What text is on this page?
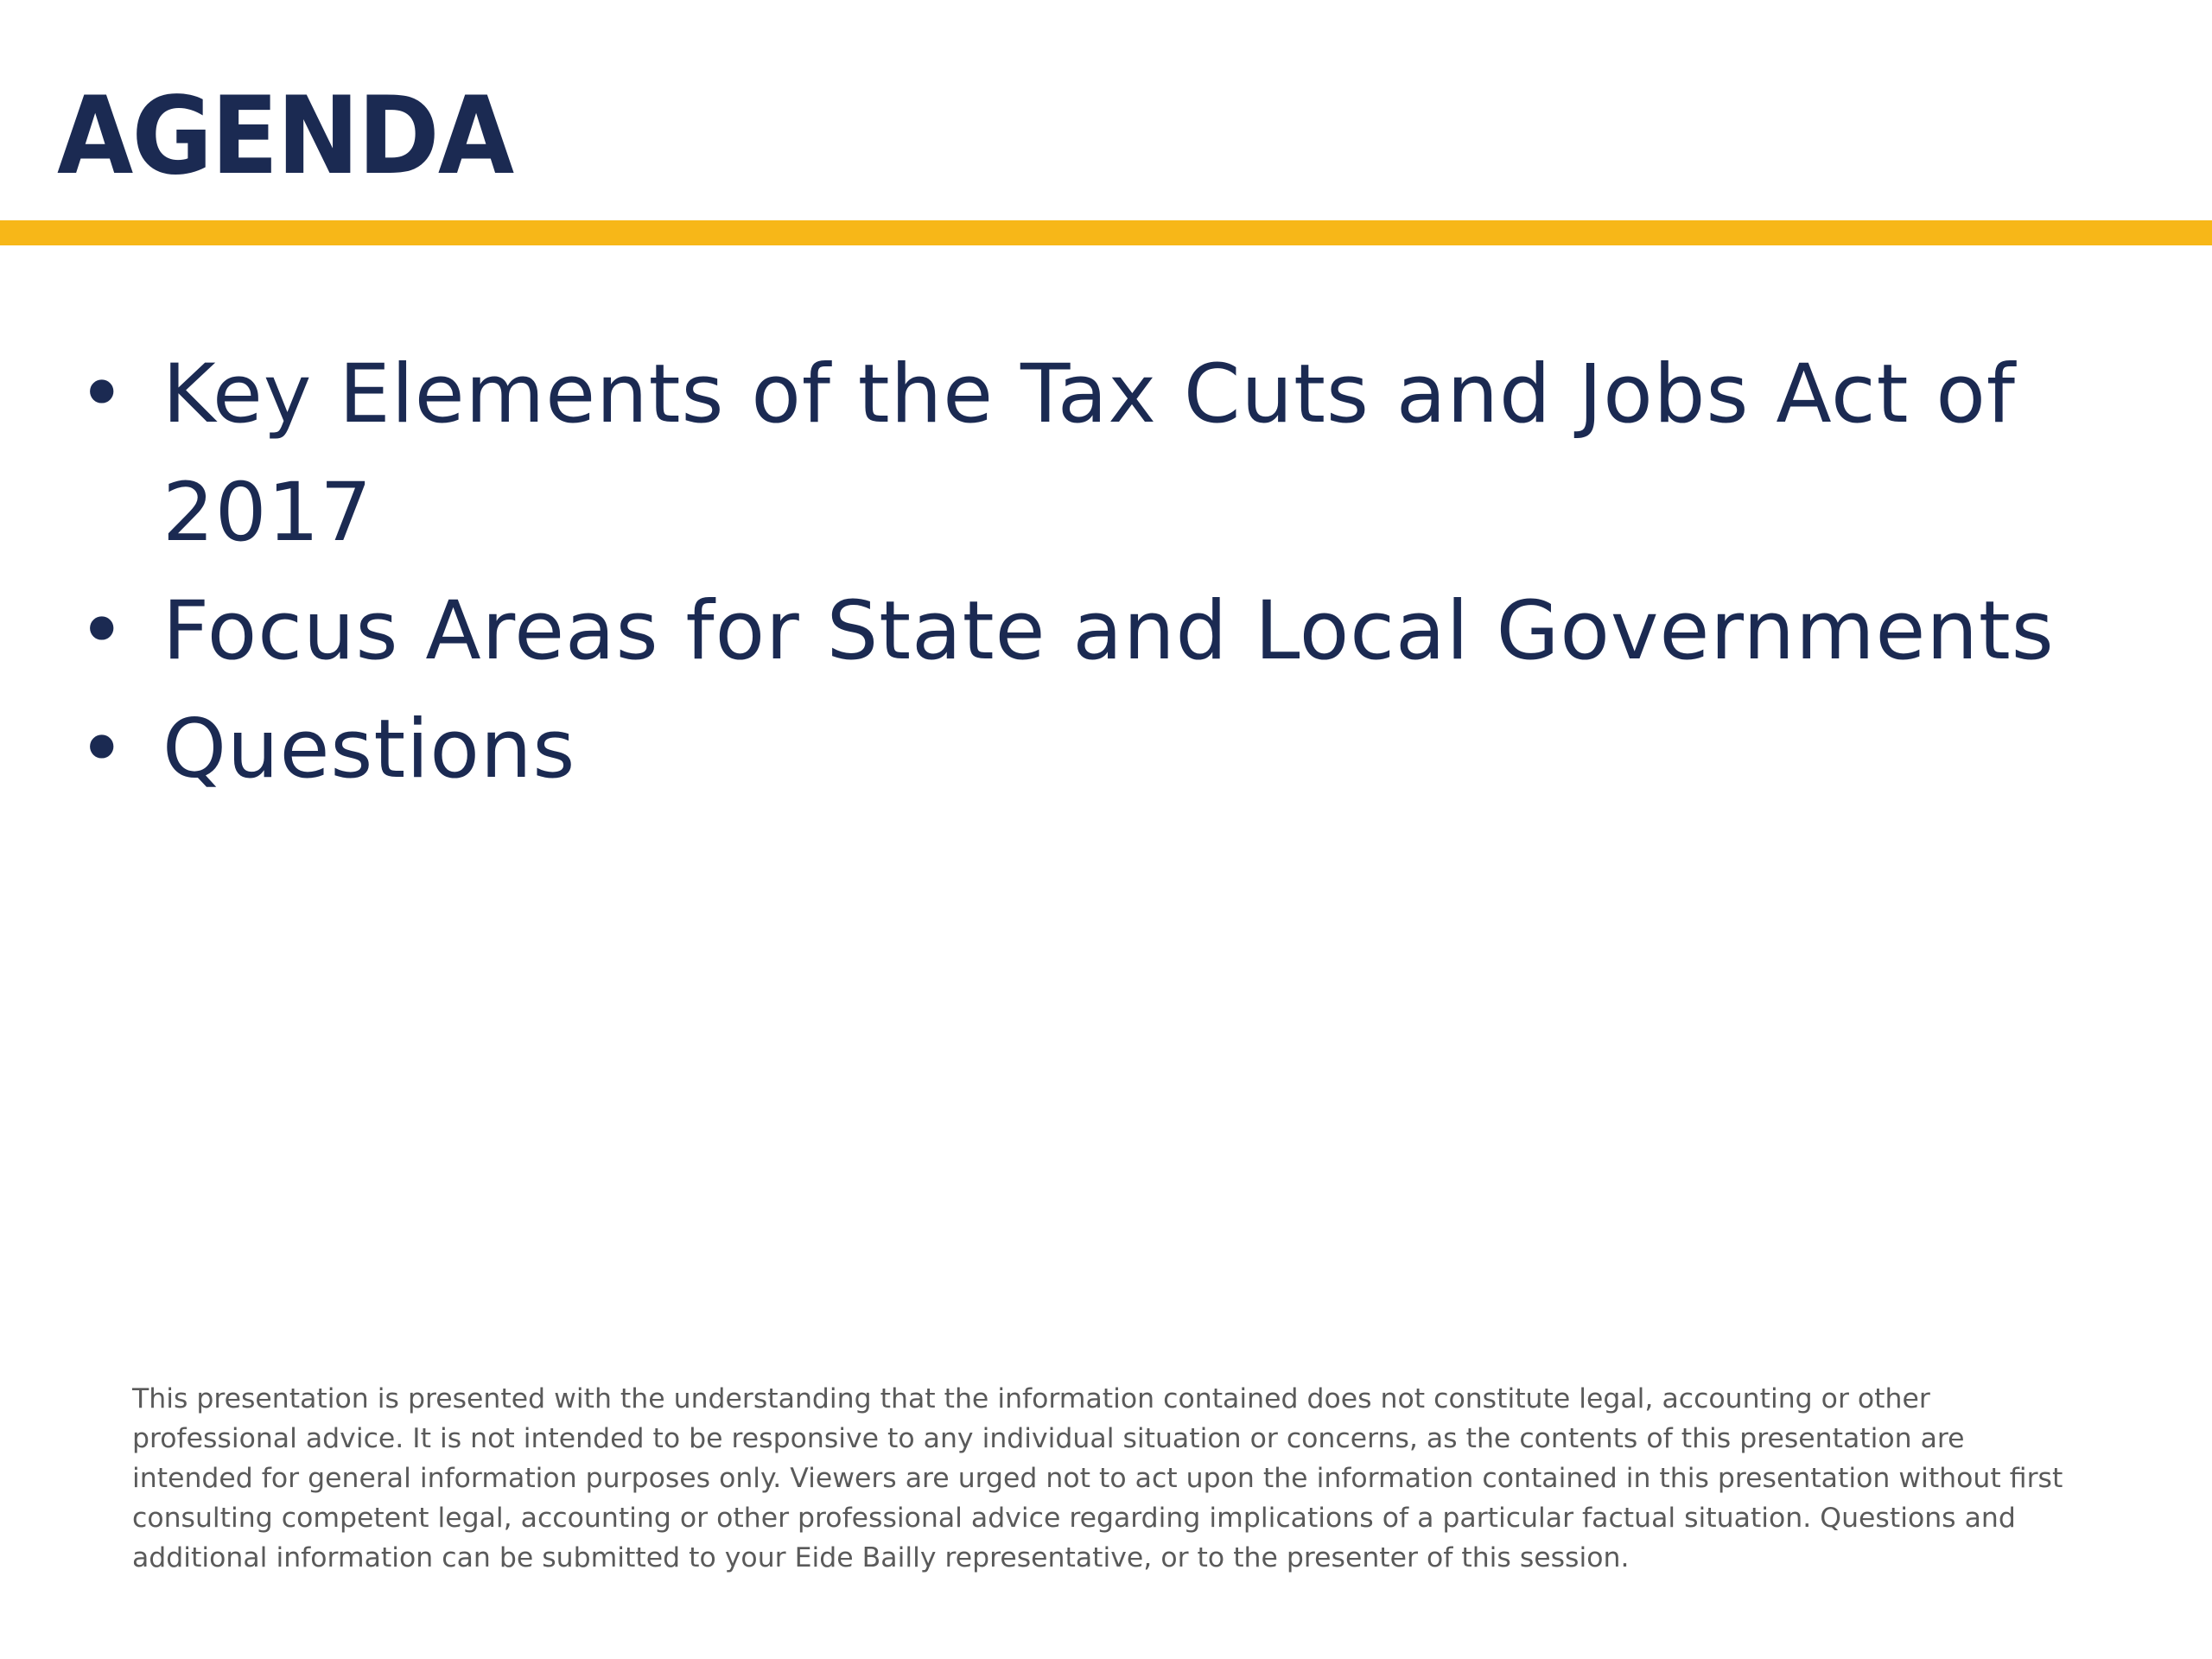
AGENDA
• Key Elements of the Tax Cuts and Jobs Act of 2017
• Focus Areas for State and Local Governments
• Questions

This presentation is presented with the understanding that the information contained does not constitute legal, accounting or other professional advice. It is not intended to be responsive to any individual situation or concerns, as the contents of this presentation are intended for general information purposes only. Viewers are urged not to act upon the information contained in this presentation without first consulting competent legal, accounting or other professional advice regarding implications of a particular factual situation. Questions and additional information can be submitted to your Eide Bailly representative, or to the presenter of this session.
